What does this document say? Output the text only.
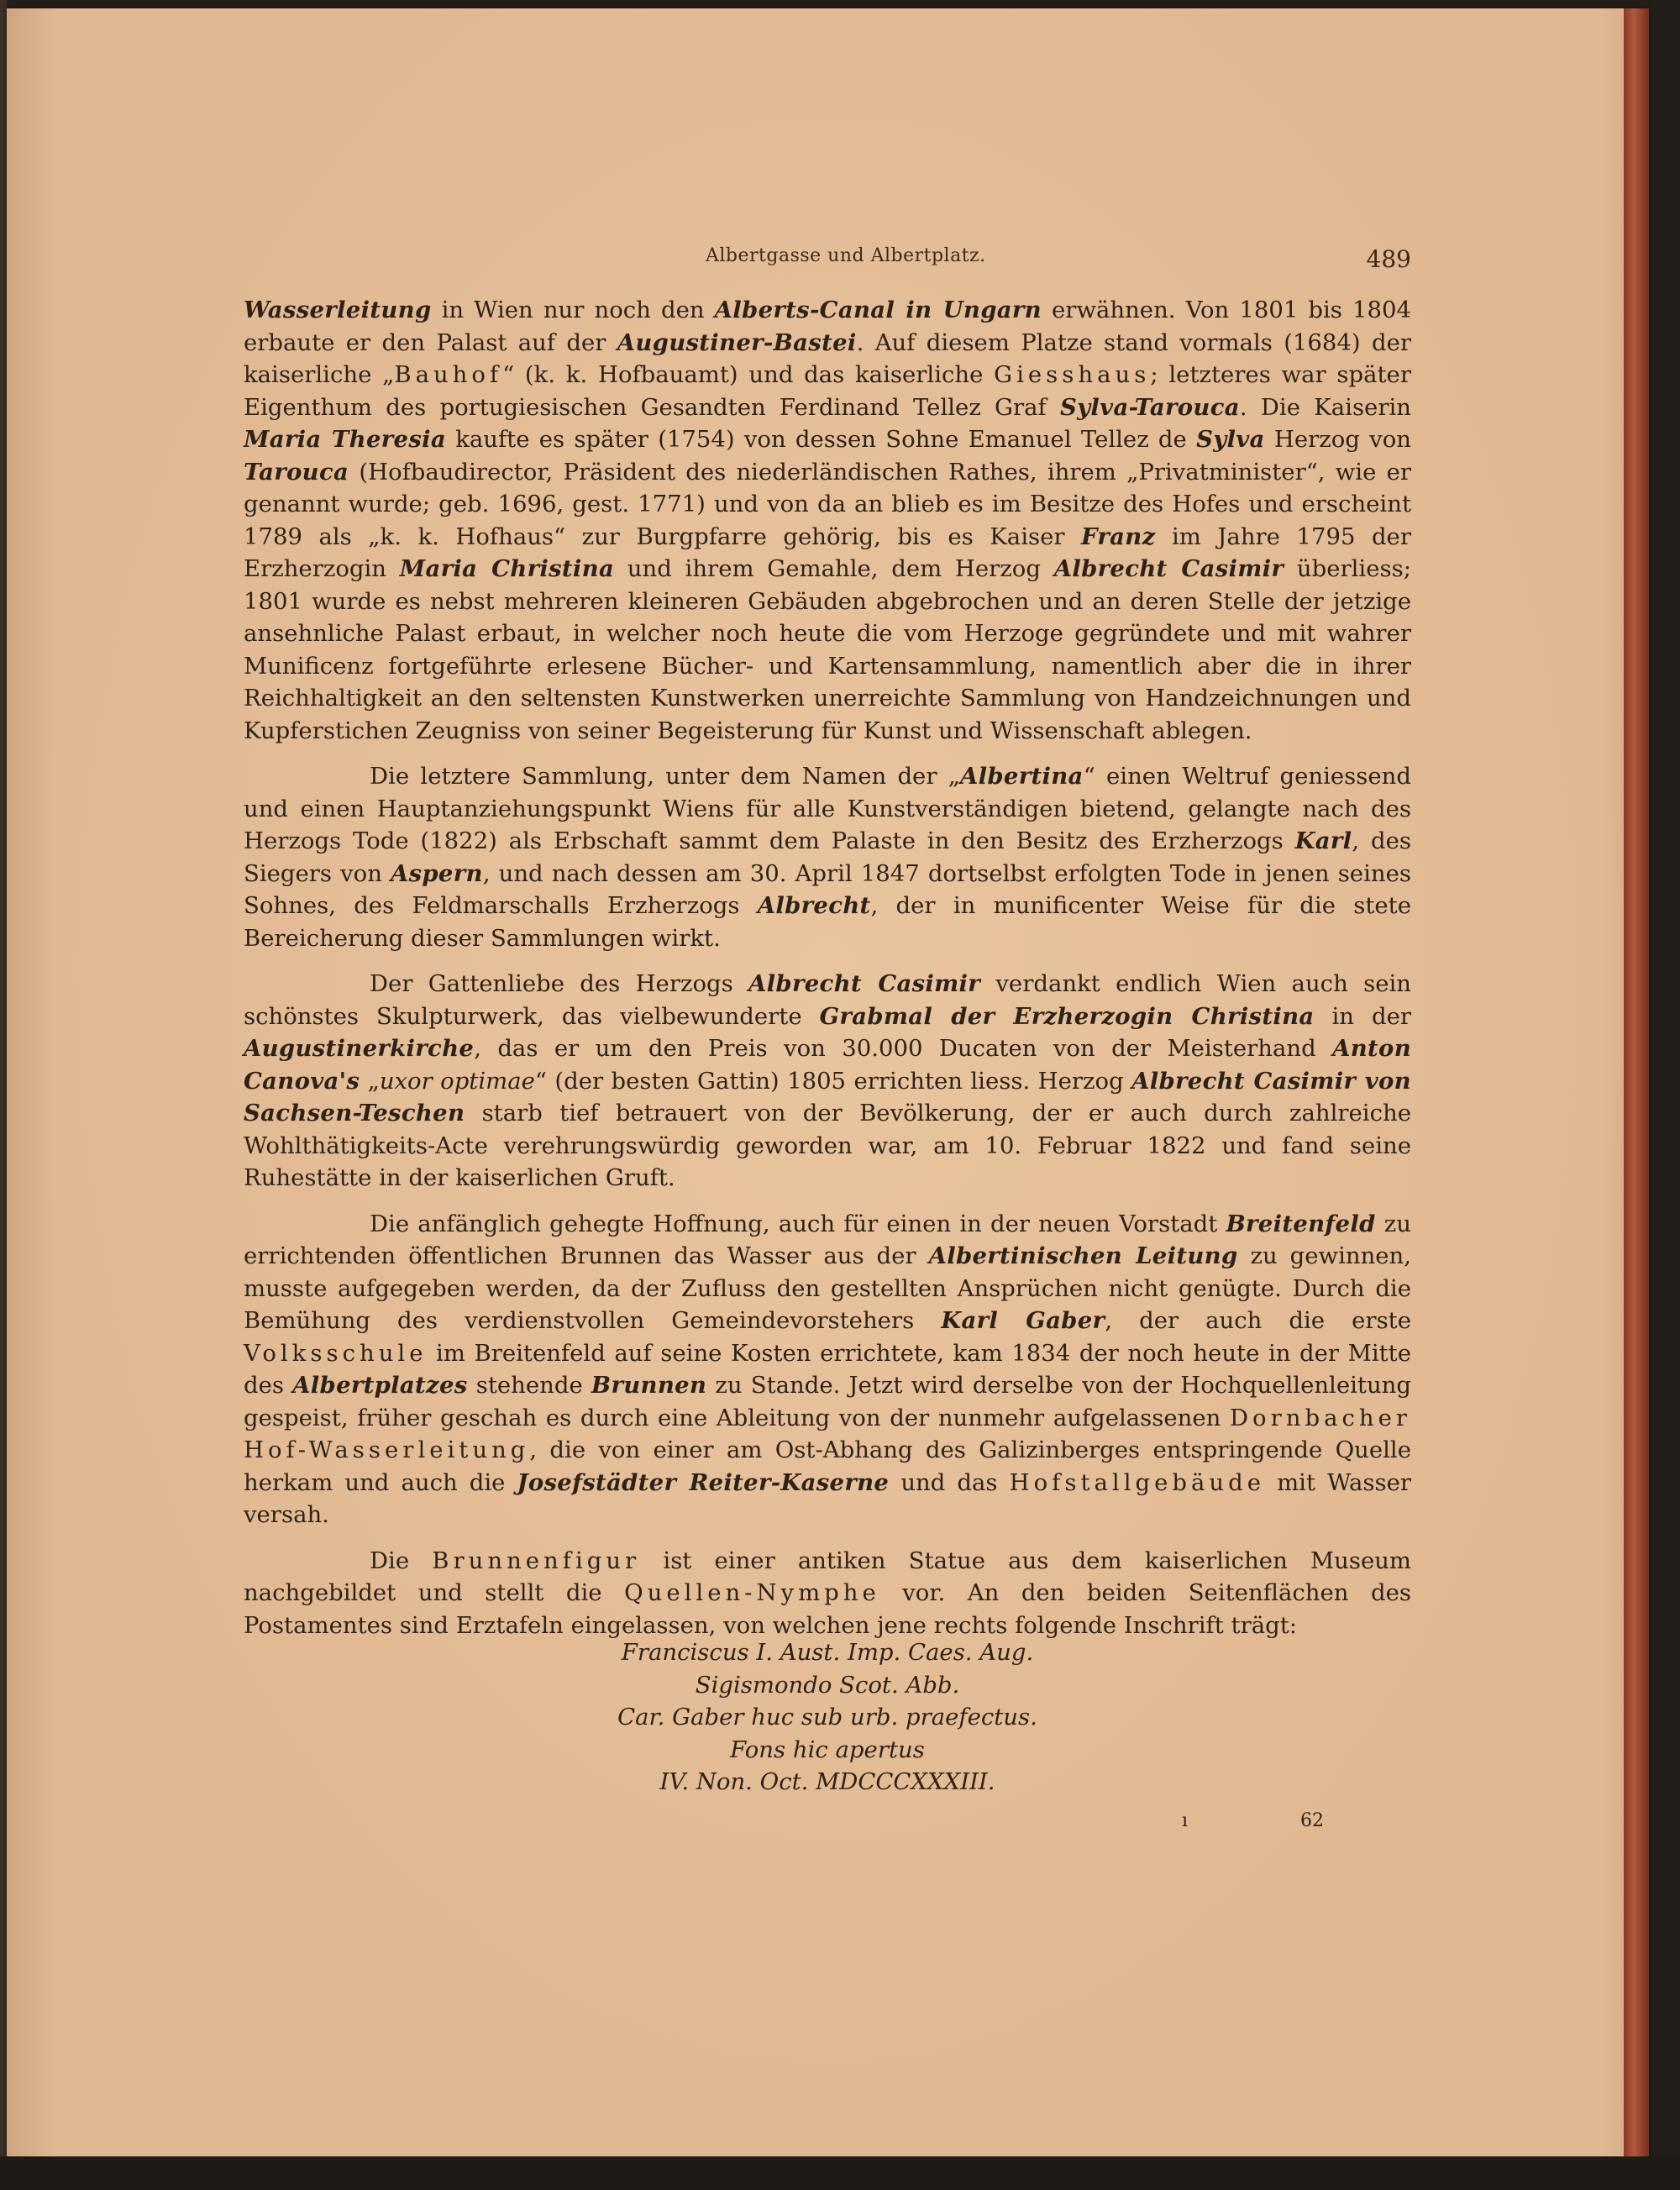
Albertgasse und Albertplatz.	489

Wasserleitung in Wien nur noch den Alberts-Canal in Ungarn erwähnen. Von 1801 bis 1804 erbaute er den Palast auf der Augustiner-Bastei. Auf diesem Platze stand vormals (1684) der kaiserliche „Bauhof“ (k. k. Hofbauamt) und das kaiserliche Giesshaus; letzteres war später Eigenthum des portugiesischen Gesandten Ferdinand Tellez Graf Sylva-Tarouca. Die Kaiserin Maria Theresia kaufte es später (1754) von dessen Sohne Emanuel Tellez de Sylva Herzog von Tarouca (Hofbaudirector, Präsident des niederländischen Rathes, ihrem „Privatminister“, wie er genannt wurde; geb. 1696, gest. 1771) und von da an blieb es im Besitze des Hofes und erscheint 1789 als „k. k. Hofhaus“ zur Burgpfarre gehörig, bis es Kaiser Franz im Jahre 1795 der Erzherzogin Maria Christina und ihrem Gemahle, dem Herzog Albrecht Casimir überliess; 1801 wurde es nebst mehreren kleineren Gebäuden abgebrochen und an deren Stelle der jetzige ansehnliche Palast erbaut, in welcher noch heute die vom Herzoge gegründete und mit wahrer Munificenz fortgeführte erlesene Bücher- und Kartensammlung, namentlich aber die in ihrer Reichhaltigkeit an den seltensten Kunstwerken unerreichte Sammlung von Handzeichnungen und Kupferstichen Zeugniss von seiner Begeisterung für Kunst und Wissenschaft ablegen.

Die letztere Sammlung, unter dem Namen der „Albertina“ einen Weltruf geniessend und einen Hauptanziehungspunkt Wiens für alle Kunstverständigen bietend, gelangte nach des Herzogs Tode (1822) als Erbschaft sammt dem Palaste in den Besitz des Erzherzogs Karl, des Siegers von Aspern, und nach dessen am 30. April 1847 dortselbst erfolgten Tode in jenen seines Sohnes, des Feldmarschalls Erzherzogs Albrecht, der in munificenter Weise für die stete Bereicherung dieser Sammlungen wirkt.

Der Gattenliebe des Herzogs Albrecht Casimir verdankt endlich Wien auch sein schönstes Skulpturwerk, das vielbewunderte Grabmal der Erzherzogin Christina in der Augustinerkirche, das er um den Preis von 30.000 Ducaten von der Meisterhand Anton Canova's „uxor optimae“ (der besten Gattin) 1805 errichten liess. Herzog Albrecht Casimir von Sachsen-Teschen starb tief betrauert von der Bevölkerung, der er auch durch zahlreiche Wohlthätigkeits-Acte verehrungswürdig geworden war, am 10. Februar 1822 und fand seine Ruhestätte in der kaiserlichen Gruft.

Die anfänglich gehegte Hoffnung, auch für einen in der neuen Vorstadt Breitenfeld zu errichtenden öffentlichen Brunnen das Wasser aus der Albertinischen Leitung zu gewinnen, musste aufgegeben werden, da der Zufluss den gestellten Ansprüchen nicht genügte. Durch die Bemühung des verdienstvollen Gemeindevorstehers Karl Gaber, der auch die erste Volksschule im Breitenfeld auf seine Kosten errichtete, kam 1834 der noch heute in der Mitte des Albertplatzes stehende Brunnen zu Stande. Jetzt wird derselbe von der Hochquellenleitung gespeist, früher geschah es durch eine Ableitung von der nunmehr aufgelassenen Dornbacher Hof-Wasserleitung, die von einer am Ost-Abhang des Galizinberges entspringende Quelle herkam und auch die Josefstädter Reiter-Kaserne und das Hofstallgebäude mit Wasser versah.

Die Brunnenfigur ist einer antiken Statue aus dem kaiserlichen Museum nachgebildet und stellt die Quellen-Nymphe vor. An den beiden Seitenflächen des Postamentes sind Erztafeln eingelassen, von welchen jene rechts folgende Inschrift trägt:

Franciscus I. Aust. Imp. Caes. Aug.
Sigismondo Scot. Abb.
Car. Gaber huc sub urb. praefectus.
Fons hic apertus
IV. Non. Oct. MDCCCXXXIII.
ı	62
